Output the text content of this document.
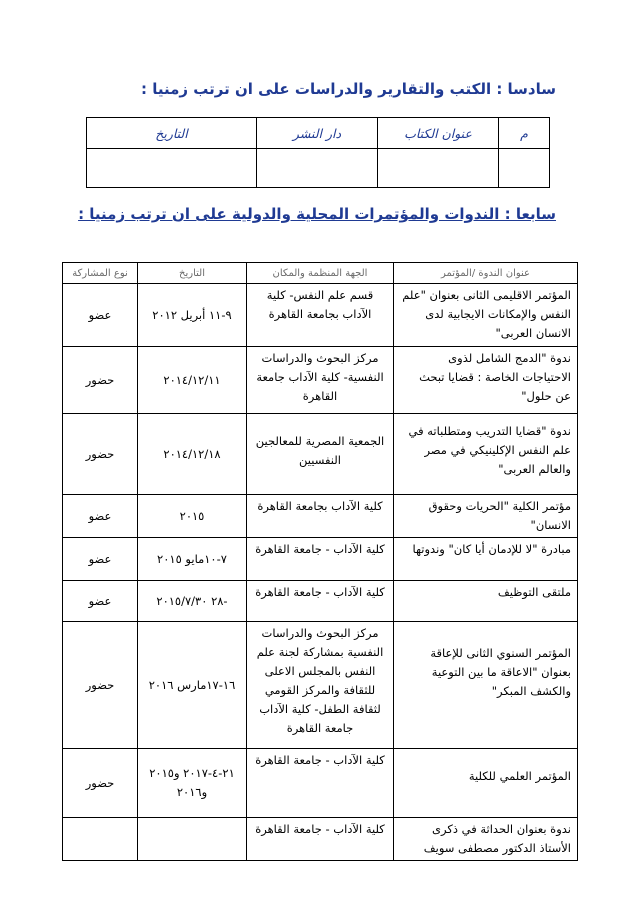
سادسا : الكتب والتقارير والدراسات على ان ترتب زمنيا :
م	عنوان الكتاب	دار النشر	التاريخ

سابعا : الندوات والمؤتمرات المحلية والدولية على ان ترتب زمنيا :
عنوان الندوة /المؤتمر	الجهة المنظمة والمكان	التاريخ	نوع المشاركة
المؤتمر الاقليمى الثانى بعنوان "علم النفس والإمكانات الايجابية لدى الانسان العربى"	قسم علم النفس- كلية الآداب بجامعة القاهرة	٩-١١ أبريل ٢٠١٢	عضو
ندوة "الدمج الشامل لذوى الاحتياجات الخاصة : قضايا تبحث عن حلول"	مركز البحوث والدراسات النفسية- كلية الآداب جامعة القاهرة	٢٠١٤/١٢/١١	حضور
ندوة "قضايا التدريب ومتطلباته في علم النفس الإكلينيكي في مصر والعالم العربى"	الجمعية المصرية للمعالجين النفسيين	٢٠١٤/١٢/١٨	حضور
مؤتمر الكلية "الحريات وحقوق الانسان"	كلية الآداب بجامعة القاهرة	٢٠١٥	عضو
مبادرة "لا للإدمان أيا كان" وندوتها	كلية الآداب - جامعة القاهرة	٧-١٠مايو ٢٠١٥	عضو
ملتقى التوظيف	كلية الآداب - جامعة القاهرة	-٢٨ ٢٠١٥/٧/٣٠	عضو
المؤتمر السنوي الثانى للإعاقة بعنوان "الاعاقة ما بين التوعية والكشف المبكر"	مركز البحوث والدراسات النفسية بمشاركة لجنة علم النفس بالمجلس الاعلى للثقافة والمركز القومي لثقافة الطفل- كلية الآداب جامعة القاهرة	١٦-١٧مارس ٢٠١٦	حضور
المؤتمر العلمي للكلية	كلية الآداب - جامعة القاهرة	٢١-٤-٢٠١٧ و٢٠١٥ و٢٠١٦	حضور
ندوة بعنوان الحداثة في ذكرى الأستاذ الدكتور مصطفى سويف	كلية الآداب - جامعة القاهرة		
